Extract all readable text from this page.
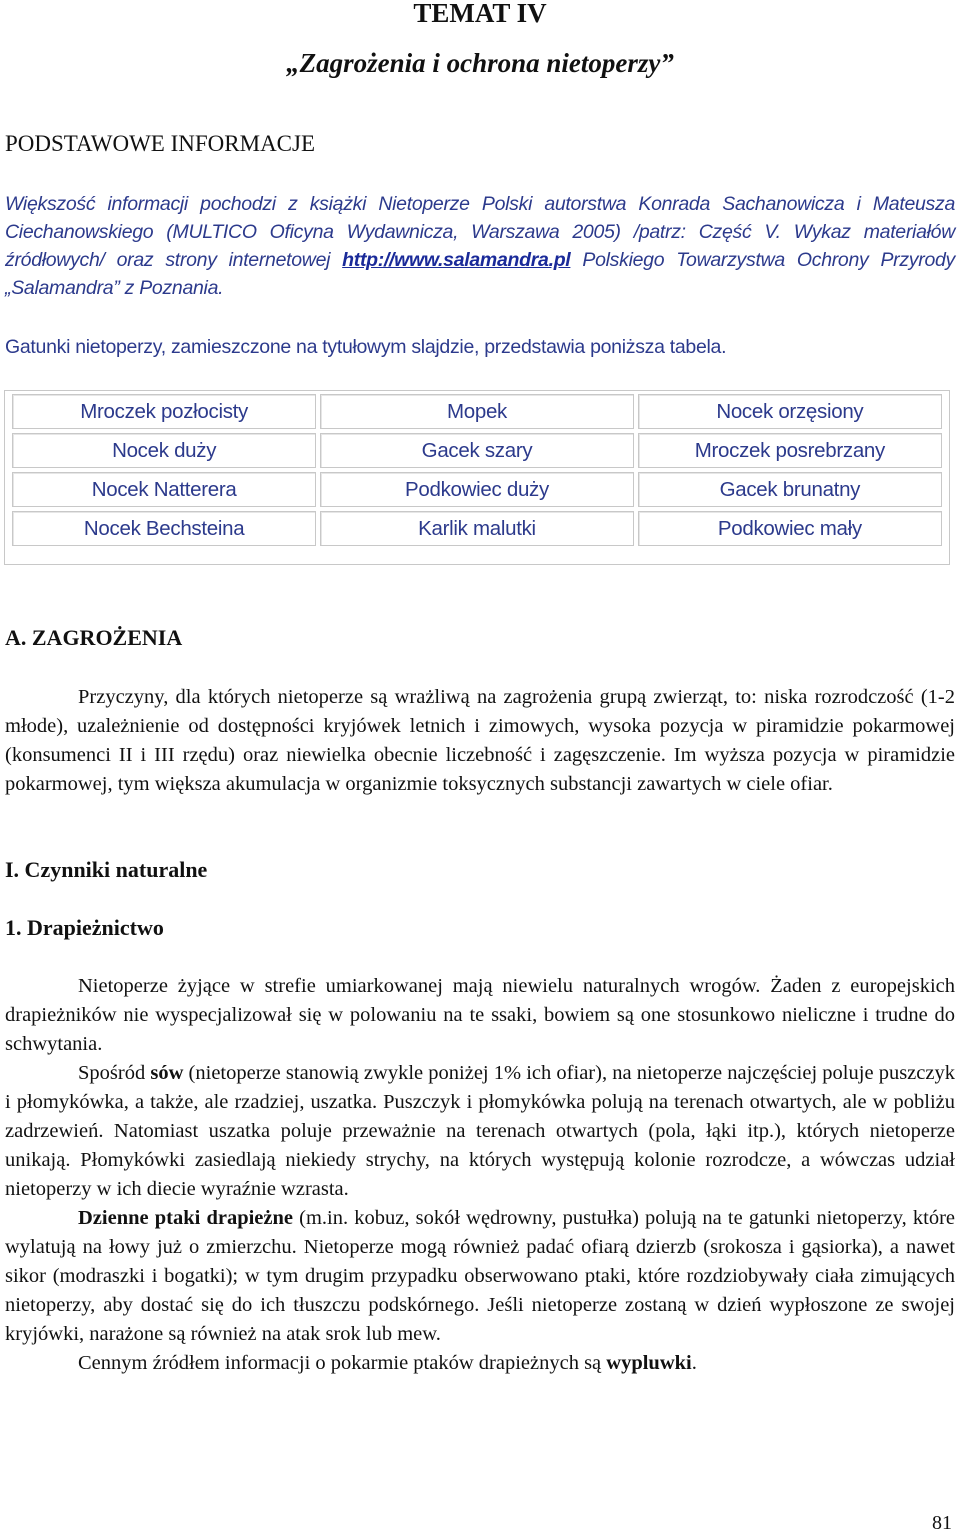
TEMAT IV
„Zagrożenia i ochrona nietoperzy”
PODSTAWOWE INFORMACJE
Większość informacji pochodzi z książki Nietoperze Polski autorstwa Konrada Sachanowicza i Mateusza Ciechanowskiego (MULTICO Oficyna Wydawnicza, Warszawa 2005) /patrz: Część V. Wykaz materiałów źródłowych/ oraz strony internetowej http://www.salamandra.pl Polskiego Towarzystwa Ochrony Przyrody „Salamandra” z Poznania.
Gatunki nietoperzy, zamieszczone na tytułowym slajdzie, przedstawia poniższa tabela.
Mroczek pozłocisty	Mopek	Nocek orzęsiony
Nocek duży	Gacek szary	Mroczek posrebrzany
Nocek Natterera	Podkowiec duży	Gacek brunatny
Nocek Bechsteina	Karlik malutki	Podkowiec mały
A. ZAGROŻENIA

Przyczyny, dla których nietoperze są wrażliwą na zagrożenia grupą zwierząt, to: niska rozrodczość (1-2 młode), uzależnienie od dostępności kryjówek letnich i zimowych, wysoka pozycja w piramidzie pokarmowej (konsumenci II i III rzędu) oraz niewielka obecnie liczebność i zagęszczenie. Im wyższa pozycja w piramidzie pokarmowej, tym większa akumulacja w organizmie toksycznych substancji zawartych w ciele ofiar.

I. Czynniki naturalne
1. Drapieżnictwo

Nietoperze żyjące w strefie umiarkowanej mają niewielu naturalnych wrogów. Żaden z europejskich drapieżników nie wyspecjalizował się w polowaniu na te ssaki, bowiem są one stosunkowo nieliczne i trudne do schwytania.

Spośród sów (nietoperze stanowią zwykle poniżej 1% ich ofiar), na nietoperze najczęściej poluje puszczyk i płomykówka, a także, ale rzadziej, uszatka. Puszczyk i płomykówka polują na terenach otwartych, ale w pobliżu zadrzewień. Natomiast uszatka poluje przeważnie na terenach otwartych (pola, łąki itp.), których nietoperze unikają. Płomykówki zasiedlają niekiedy strychy, na których występują kolonie rozrodcze, a wówczas udział nietoperzy w ich diecie wyraźnie wzrasta.

Dzienne ptaki drapieżne (m.in. kobuz, sokół wędrowny, pustułka) polują na te gatunki nietoperzy, które wylatują na łowy już o zmierzchu. Nietoperze mogą również padać ofiarą dzierzb (srokosza i gąsiorka), a nawet sikor (modraszki i bogatki); w tym drugim przypadku obserwowano ptaki, które rozdziobywały ciała zimujących nietoperzy, aby dostać się do ich tłuszczu podskórnego. Jeśli nietoperze zostaną w dzień wypłoszone ze swojej kryjówki, narażone są również na atak srok lub mew.

Cennym źródłem informacji o pokarmie ptaków drapieżnych są wypluwki.

81
